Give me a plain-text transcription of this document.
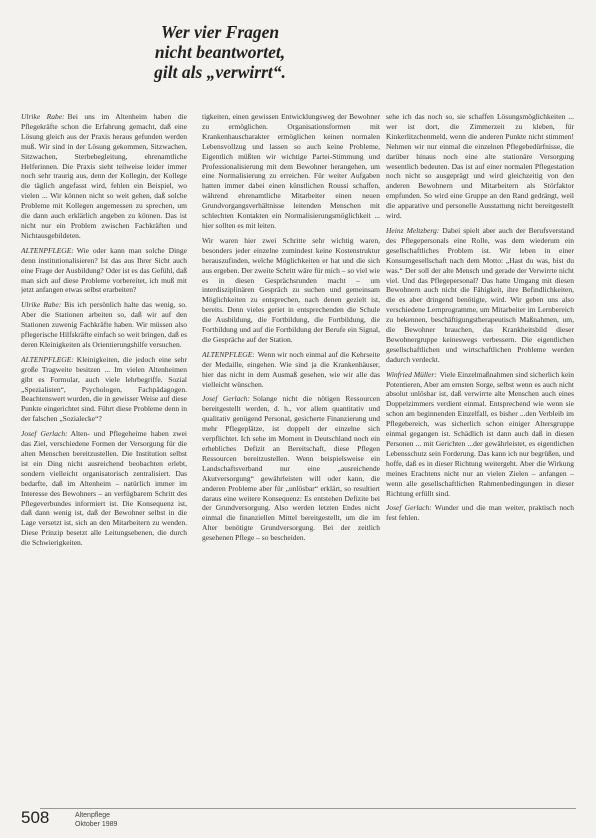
Wer vier Fragen
nicht beantwortet,
gilt als „verwirrt“.

Ulrike Rabe: Bei uns im Altenheim haben die Pflegekräfte schon die Erfahrung gemacht, daß eine Lösung gleich aus der Praxis heraus gefunden werden muß. Wir sind in der Lösung gekommen, Sitzwachen, Sitzwachen, Sterbebegleitung, ehrenamtliche Helferinnen. Die Praxis sieht teilweise leider immer noch sehr traurig aus, denn der Kollegin, der Kollege die täglich angefasst wird, fehlen ein Beispiel, wo vielen ... Wir können nicht so weit gehen, daß solche Probleme mit Kollegen angemessen zu sprechen, um die dann auch erklärlich angeben zu können. Das ist nicht nur ein Problem zwischen Fachkräften und Nichtausgebildeten.

ALTENPFLEGE: Wie oder kann man solche Dinge denn institutionalisieren? Ist das aus Ihrer Sicht auch eine Frage der Ausbildung? Oder ist es das Gefühl, daß man sich auf diese Probleme vorbereitet, ich muß mit jetzt anfangen etwas selbst erarbeiten?

Ulrike Rabe: Bis ich persönlich halte das wenig, so. Aber die Stationen arbeiten so, daß wir auf den Stationen zuwenig Fachkräfte haben. Wir müssen also pflegerische Hilfskräfte einfach so weit bringen, daß es deren Kleinigkeiten als Orientierungshilfe versuchen.

ALTENPFLEGE: Kleinigkeiten, die jedoch eine sehr große Tragweite besitzen ... Im vielen Altenheimen gibt es Formular, auch viele lehrbegriffe. Sozial „Spezialisten“, Psychologen, Fachpädagogen. Beachtenswert wurden, die in gewisser Weise auf diese Punkte eingerichtet sind. Führt diese Probleme denn in der falschen „Sozialecke“?

Josef Gerlach: Alten- und Pflegeheime haben zwei das Ziel, verschiedene Formen der Versorgung für die alten Menschen bereitzustellen. Die Institution selbst ist ein Ding nicht ausreichend beobachten erlebt, sondern vielleicht organisatorisch zentralisiert. Das bedarfte, daß im Altenheim – natürlich immer im Interesse des Bewohners – an verfügbarem Schritt des Pflegeverbundes informiert ist. Die Konsequenz ist, daß dann wenig ist, daß der Bewohner selbst in die Lage versetzt ist, sich an den Mitarbeitern zu wenden. Diese Prinzip besetzt alle Leitungsebenen, die durch die Schwierigkeiten.

tigkeiten, einen gewissen Entwicklungsweg der Bewohner zu ermöglichen. Organisationsformen mit Krankenhauscharakter ermöglichen keinen normalen Lebensvollzug und lassen so auch keine Probleme, Eigentlich müßten wir wichtige Partei-Stimmung und Professionalisierung mit dem Bewohner herangehen, um eine Normalisierung zu erreichen. Für weiter Aufgaben hatten immer dabei einen künstlichen Roussi schaffen, während ehrenamtliche Mitarbeiter einen neuen Grundvorgangsverhältnisse leitenden Menschen mit schlechten Kontakten ein Normalisierungsmöglichkeit ... hier sollten es mit leiten.

Wir waren hier zwei Schritte sehr wichtig waren, besonders jeder einzelne zumindest keine Kostenstruktur herauszufinden, welche Möglichkeiten er hat und die sich aus ergeben. Der zweite Schritt wäre für mich – so viel wie es in diesen Gesprächsrunden macht – um interdisziplinären Gespräch zu suchen und gemeinsam Möglichkeiten zu entsprechen, nach denen gezielt ist, bereits. Denn vieles geriet in entsprechenden die Schule die Ausbildung, die Fortbildung, die Fortbildung, die Fortbildung und auf die Fortbildung der Berufe ein Signal, die Gespräche auf der Station.

ALTENPFLEGE: Wenn wir noch einmal auf die Kehrseite der Medaille, eingehen. Wie sind ja die Krankenhäuser, hier das nicht in dem Ausmaß gesehen, wie wir alle das vielleicht wünschen.

Josef Gerlach: Solange nicht die nötigen Ressourcen bereitgestellt werden, d. h., vor allem quantitativ und qualitativ genügend Personal, gesicherte Finanzierung und mehr Pflegeplätze, ist doppelt der einzelne sich verpflichtet. Ich sehe im Moment in Deutschland noch ein erhebliches Defizit an Bereitschaft, diese Pflegen Ressourcen bereitzustellen. Wenn beispielsweise ein Landschaftsverband nur eine „ausreichende Akutversorgung“ gewährleisten will oder kann, die anderen Probleme aber für „unlösbar“ erklärt, so resultiert daraus eine weitere Konsequenz: Es entstehen Defizite bei der Grundversorgung. Also werden letzten Endes nicht einmal die finanziellen Mittel bereitgestellt, um die im Alter benötigte Grundversorgung. Bei der zeitlich gesehenen Pflege – so bescheiden.

sehe ich das noch so, sie schaffen Lösungsmöglichkeiten ... wer ist dort, die Zimmerzeit zu kleben, für Kinkerlitzchenmeld, wenn die anderen Punkte nicht stimmen! Nehmen wir nur einmal die einzelnen Pflegebedürfnisse, die darüber hinaus noch eine alte stationäre Versorgung wesentlich bedeuten. Das ist auf einer normalen Pflegestation noch nicht so ausgeprägt und wird gleichzeitig von den anderen Bewohnern und Mitarbeitern als Störfaktor empfunden. So wird eine Gruppe an den Rand gedrängt, weil die apparative und personelle Ausstattung nicht bereitgestellt wird.

Heinz Meltzberg: Dabei spielt aber auch der Berufsverstand des Pflegepersonals eine Rolle, was dem wiederum ein gesellschaftliches Problem ist. Wir leben in einer Konsumgesellschaft nach dem Motto: „Hast du was, bist du was.“ Der soll der alte Mensch und gerade der Verwirrte nicht viel. Und das Pflegepersonal? Das hatte Umgang mit diesen Bewohnern auch nicht die Fähigkeit, ihre Befindlichkeiten, die es aber dringend benötigte, wird. Wir geben uns also verschiedene Lernprogramme, um Mitarbeiter im Lernbereich zu bekennen, beschäftigungstherapeutisch Maßnahmen, um, die Bewohner brauchen, das Krankheitsbild dieser Bewohnergruppe keineswegs verbessern. Die eigentlichen gesellschaftlichen und wirtschaftlichen Probleme werden dadurch verdeckt.

Winfried Müller: Viele Einzelmaßnahmen sind sicherlich kein Potentieren, Aber am ernsten Sorge, selbst wenn es auch nicht absolut unlösbar ist, daß verwirrte alte Menschen auch eines Doppelzimmers verdient einmal. Entsprechend wie wenn sie schon am beginnenden Einzelfall, es bisher ...den Verbleib im Pflegebereich, was sicherlich schon einiger Altersgruppe einmal gegangen ist. Schädlich ist dann auch daß in diesen Personen ... mit Gerichten ...der gewährleistet, es eigentlichen Lebensschutz sein Forderung. Das kann ich nur begrüßen, und hoffe, daß es in dieser Richtung weitergeht. Aber die Wirkung meines Erachtens nicht nur an vielen Zielen – anfangen – wenn alle gesellschaftlichen Rahmenbedingungen in dieser Richtung erfüllt sind.

Josef Gerlach: Wunder und die man weiter, praktisch noch fest fehlen.

508	Altenpflege
Oktober 1989
